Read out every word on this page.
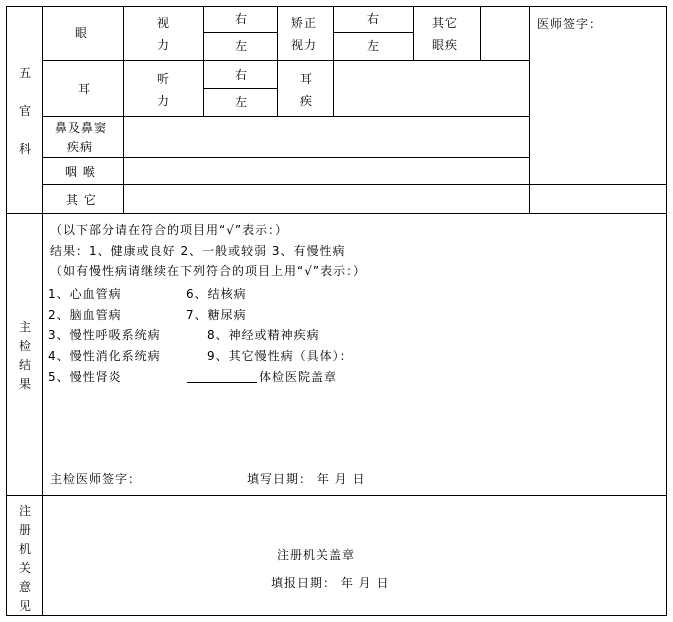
五
官
科
眼
视
力
右
左
矫正
视力
右
左
其它
眼疾
耳
听
力
右
左
耳
疾
鼻及鼻窦
疾病
咽 喉
其 它
医师签字：
主
检
结
果
（以下部分请在符合的项目用“√”表示：）
结果：1、健康或良好 2、一般或较弱 3、有慢性病
（如有慢性病请继续在下列符合的项目上用“√”表示：）
1、心血管病
2、脑血管病
3、慢性呼吸系统病
4、慢性消化系统病
5、慢性肾炎
6、结核病
7、糖尿病
8、神经或精神疾病
9、其它慢性病（具体）：
体检医院盖章
主检医师签字：	填写日期： 年 月 日
注
册
机
关
意
见
注册机关盖章
填报日期： 年 月 日
